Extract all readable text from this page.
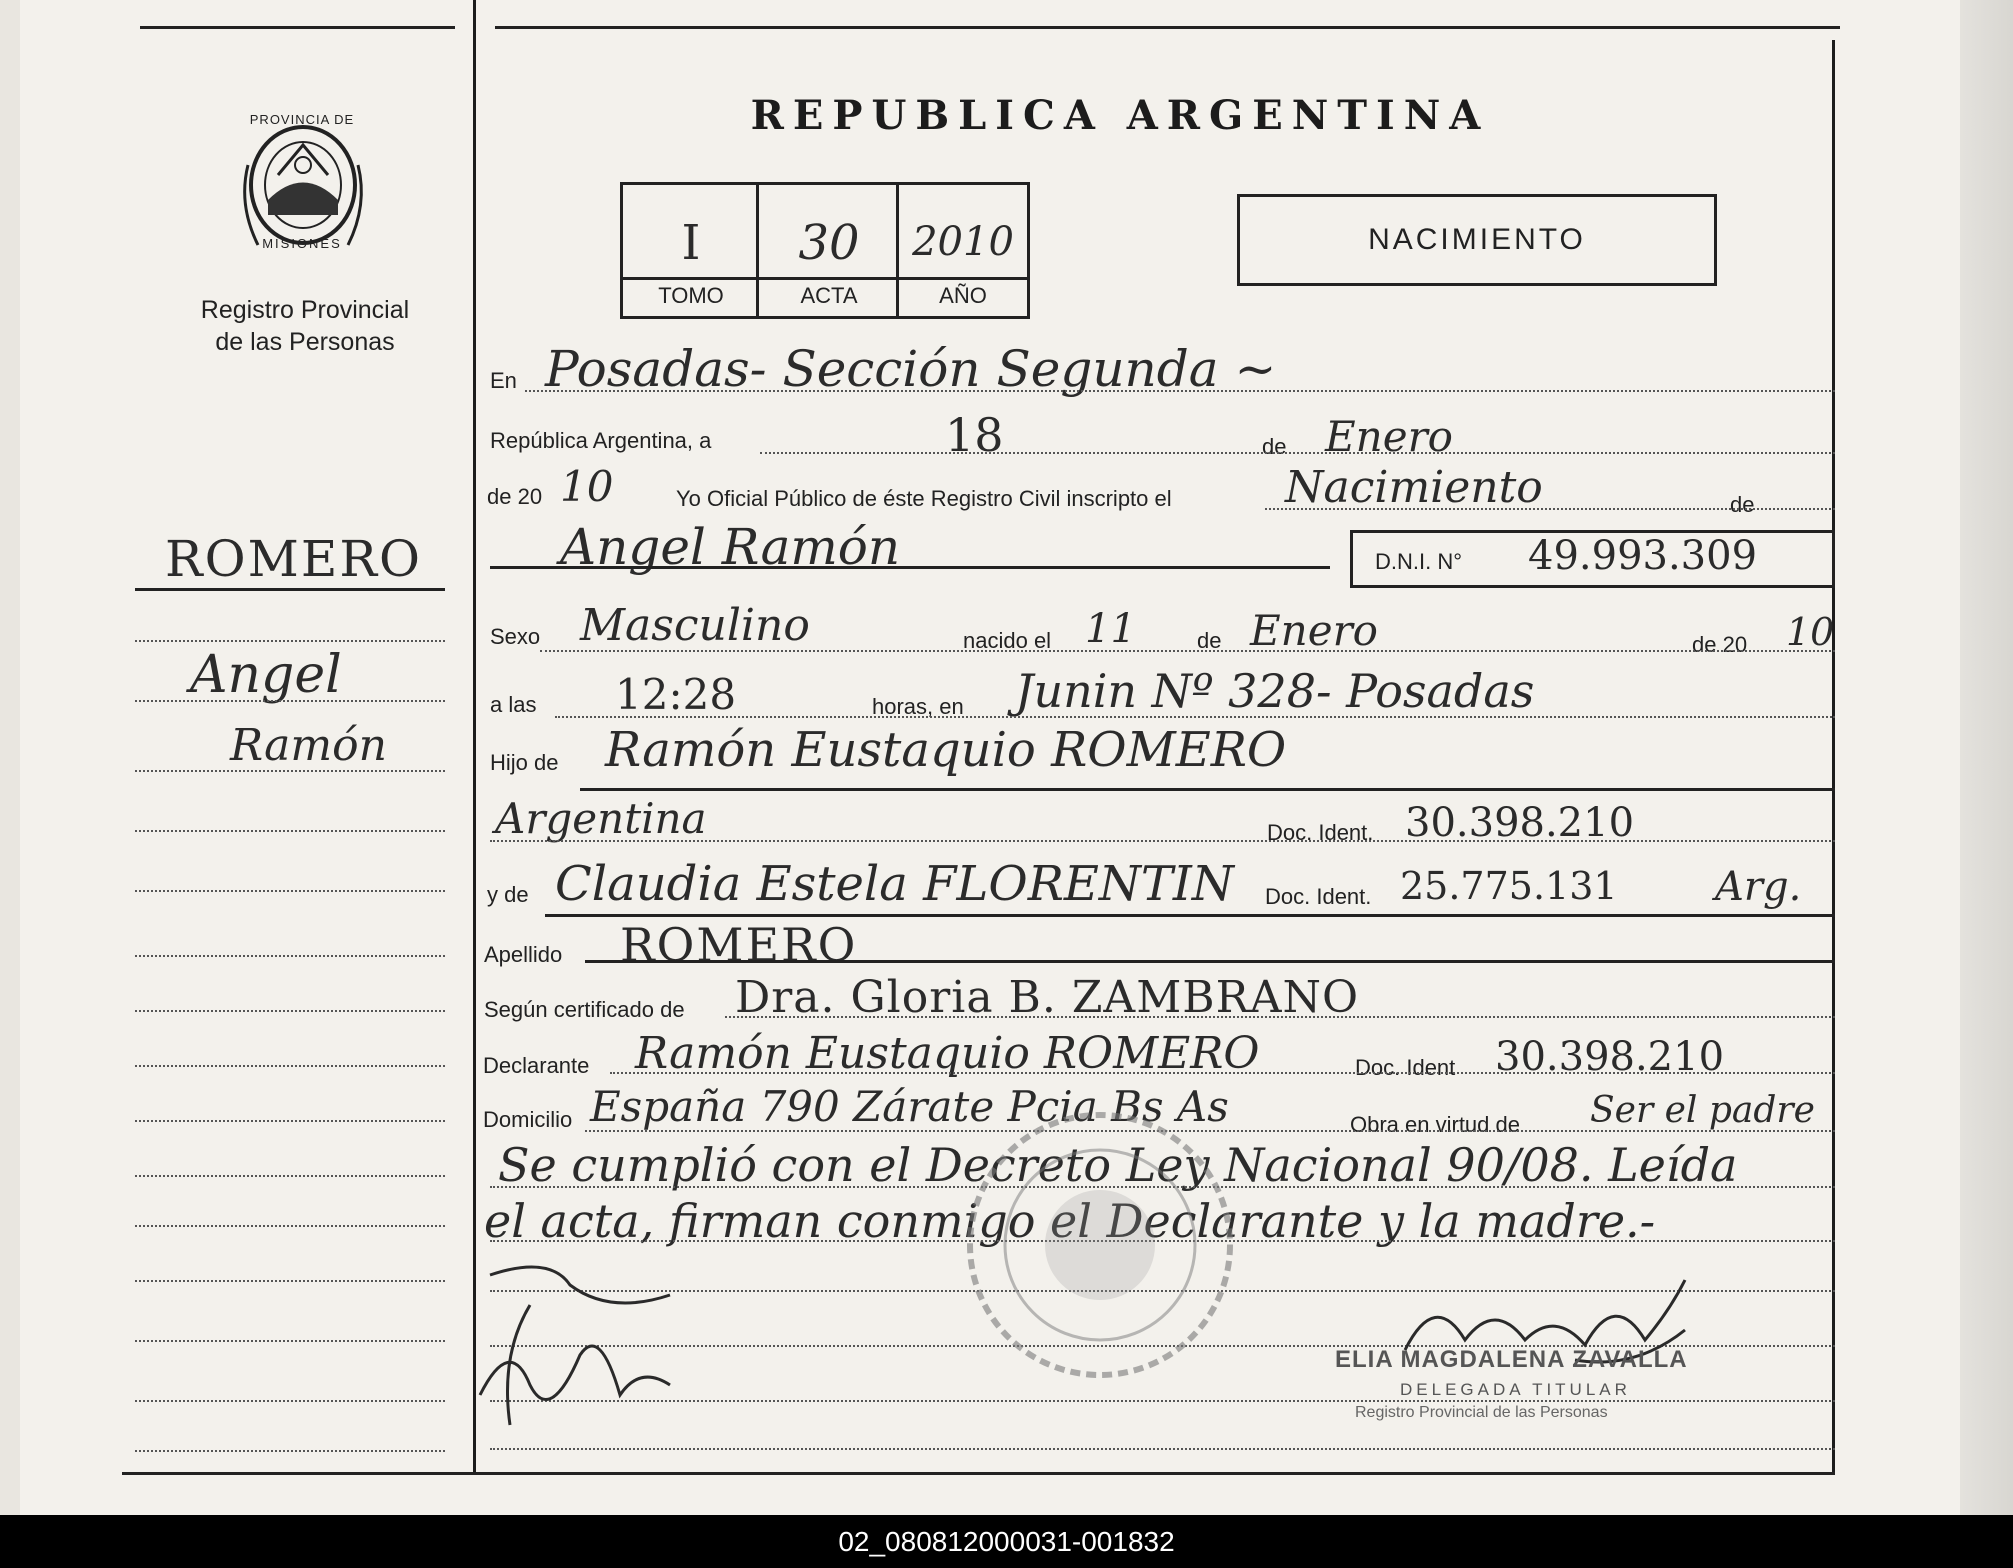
PROVINCIA DE
MISIONES
Registro Provincial
de las Personas
REPUBLICA ARGENTINA
I	30	2010
TOMO	ACTA	AÑO
NACIMIENTO
ROMERO
Angel
Ramón
En Posadas- Sección Segunda ~
República Argentina, a	18	de Enero
de 20 10	Yo Oficial Público de éste Registro Civil inscripto el	Nacimiento	de
Angel Ramón	D.N.I. N° 49.993.309
Sexo Masculino	nacido el 11	de Enero	de 20 10
a las 12:28	horas, en Junin Nº 328- Posadas
Hijo de Ramón Eustaquio ROMERO
Argentina	Doc. Ident. 30.398.210
y de Claudia Estela FLORENTIN Doc. Ident. 25.775.131 Arg.
Apellido ROMERO
Según certificado de Dra. Gloria B. ZAMBRANO
Declarante Ramón Eustaquio ROMERO	Doc. Ident 30.398.210
Domicilio España 790 Zárate Pcia Bs As	Obra en virtud de Ser el padre
Se cumplió con el Decreto Ley Nacional 90/08. Leída
el acta, firman conmigo el Declarante y la madre.-
ELIA MAGDALENA ZAVALLA
DELEGADA TITULAR
Registro Provincial de las Personas
02_080812000031-001832
